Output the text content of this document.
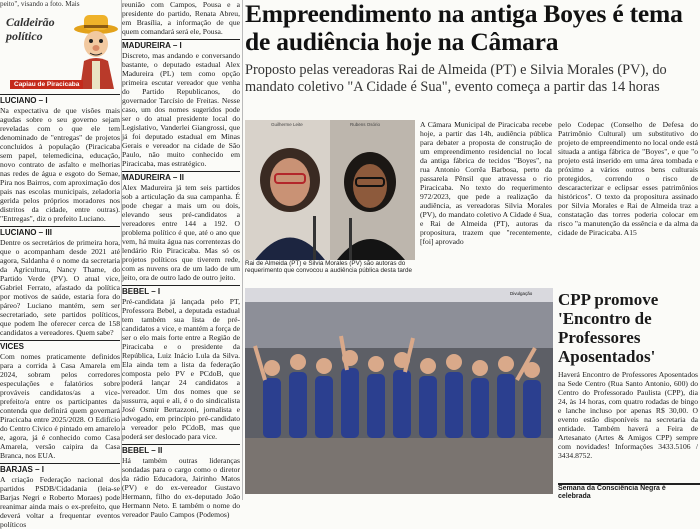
peito", visando a foto. Mais
Caldeirão
político
Capiau de Piracicaba
LUCIANO – I

Na expectativa de que visões mais agudas sobre o seu governo sejam reveladas com o que ele tem denominado de "entregas" de projetos concluídos à população (Piracicaba sem papel, telemedicina, educação, novo contrato de asfalto e melhorias nas redes de água e esgoto do Semae, Pira nos Bairros, com aproximação dos pais nas escolas municipais, zeladoria gerida pelos próprios moradores nos distritos da cidade, entre outras). "Entregas", diz o prefeito Luciano.

LUCIANO – III

Dentre os secretários de primeira hora, que o acompanham desde 2021 até agora, Saldanha é o nome da secretaria da Agricultura, Nancy Thame, do Partido Verde (PV). O atual vice, Gabriel Ferrato, afastado da política por motivos de saúde, estaria fora do páreo? Luciano mantém, sem ser secretariado, sete partidos políticos, que podem lhe oferecer cerca de 158 candidatos a vereadores. Quem sabe?

VICES

Com nomes praticamente definidos para a corrida à Casa Amarela em 2024, sobram pelos corredores especulações e falatórios sobre prováveis candidatos/as a vice-prefeito/a entre os participantes da contenda que definirá quem governará Piracicaba entre 2025/2028. O Edifício do Centro Cívico é pintado em amarelo e, agora, já é conhecido como Casa Amarela, versão caipira da Casa Branca, nos EUA.

BARJAS – I

A criação Federação nacional dos partidos PSDB/Cidadania (leia-se Barjas Negri e Roberto Moraes) pode reanimar ainda mais o ex-prefeito, que deverá voltar a frequentar eventos políticos

reunião com Campos, Pousa e a presidente do partido, Renata Abreu, em Brasília, a informação de que quem comandará será ele, Pousa.

MADUREIRA – I

Discreto, mas andando e conversando bastante, o deputado estadual Alex Madureira (PL) tem como opção primeira escutar vereador que venha do Partido Republicanos, do governador Tarcísio de Freitas. Nesse caso, um dos nomes sugeridos pode ser o do atual presidente local do Legislativo, Vanderlei Giangrossi, que já foi deputado estadual em Minas Gerais e vereador na cidade de São Paulo, não muito conhecido em Piracicaba, mas estratégico.

MADUREIRA – II

Alex Madureira já tem seis partidos sob a articulação da sua campanha. É pode chegar a mais um ou dois, elevando seus pré-candidatos a vereadores entre 144 a 192. O problema político é que, até o ano que vem, há muita água nas correntezas do lendário Rio Piracicaba. Mas só os projetos políticos que tiverem rede, com as nuvens ora de um lado de um jeito, ora de outro lado de outro jeito.

BEBEL – I

Pré-candidata já lançada pelo PT, Professora Bebel, a deputada estadual tem também sua lista de pré-candidatos a vice, e mantém a força de ser o elo mais forte entre a Região de Piracicaba e o presidente da República, Luiz Inácio Lula da Silva. Ela ainda tem a lista da federação composta pelo PV e PCdoB, que poderá lançar 24 candidatos a vereador. Um dos nomes que se sussurra, aqui e ali, é o do sindicalista José Osmir Bertazzoni, jornalista e advogado, em princípio pré-candidato a vereador pelo PCdoB, mas que poderá ser deslocado para vice.

BEBEL – II

Há também outras lideranças sondadas para o cargo como o diretor da rádio Educadora, Jairinho Matos (PV) e do ex-vereador Gustavo Hermann, filho do ex-deputado João Hermann Neto. E também o nome do vereador Paulo Campos (Podemos)

Empreendimento na antiga Boyes é tema de audiência hoje na Câmara

Proposto pelas vereadoras Rai de Almeida (PT) e Silvia Morales (PV), do mandato coletivo "A Cidade é Sua", evento começa a partir das 14 horas

Guilherme Leite	Rubens Osório
Rai de Almeida (PT) e Silvia Morales (PV) são autoras do requerimento que convocou a audiência pública desta tarde

A Câmara Municipal de Piracicaba recebe hoje, a partir das 14h, audiência pública para debater a proposta de construção de um empreendimento residencial no local da antiga fábrica de tecidos "Boyes", na rua Antonio Corrêa Barbosa, perto da passarela Pênsil que atravessa o rio Piracicaba. No texto do requerimento 972/2023, que pede a realização da audiência, as vereadoras Silvia Morales (PV), do mandato coletivo A Cidade é Sua, e Rai de Almeida (PT), autoras da propositura, trazem que "recentemente, [foi] aprovado

pelo Codepac (Conselho de Defesa do Patrimônio Cultural) um substitutivo do projeto de empreendimento no local onde está situada a antiga fábrica de "Boyes", e que "o projeto está inserido em uma área tombada e próximo a vários outros bens culturais protegidos, correndo o risco de descaracterizar e eclipsar esses patrimônios históricos". O texto da propositura assinado por Silvia Morales e Rai de Almeida traz a constatação das torres poderia colocar em risco "a manutenção da essência e da alma da cidade de Piracicaba. A15

Divulgação CPP promove 'Encontro de Professores Aposentados'

Haverá Encontro de Professores Aposentados na Sede Centro (Rua Santo Antonio, 600) do Centro do Professorado Paulista (CPP), dia 24, às 14 horas, com quatro rodadas de bingo e lanche incluso por apenas R$ 30,00. O evento estão disponíveis na secretaria da entidade. Também haverá a Feira de Artesanato (Artes & Amigos CPP) sempre com novidades! Informações 3433.5106 / 3434.8752.

Semana da Consciência Negra é celebrada
